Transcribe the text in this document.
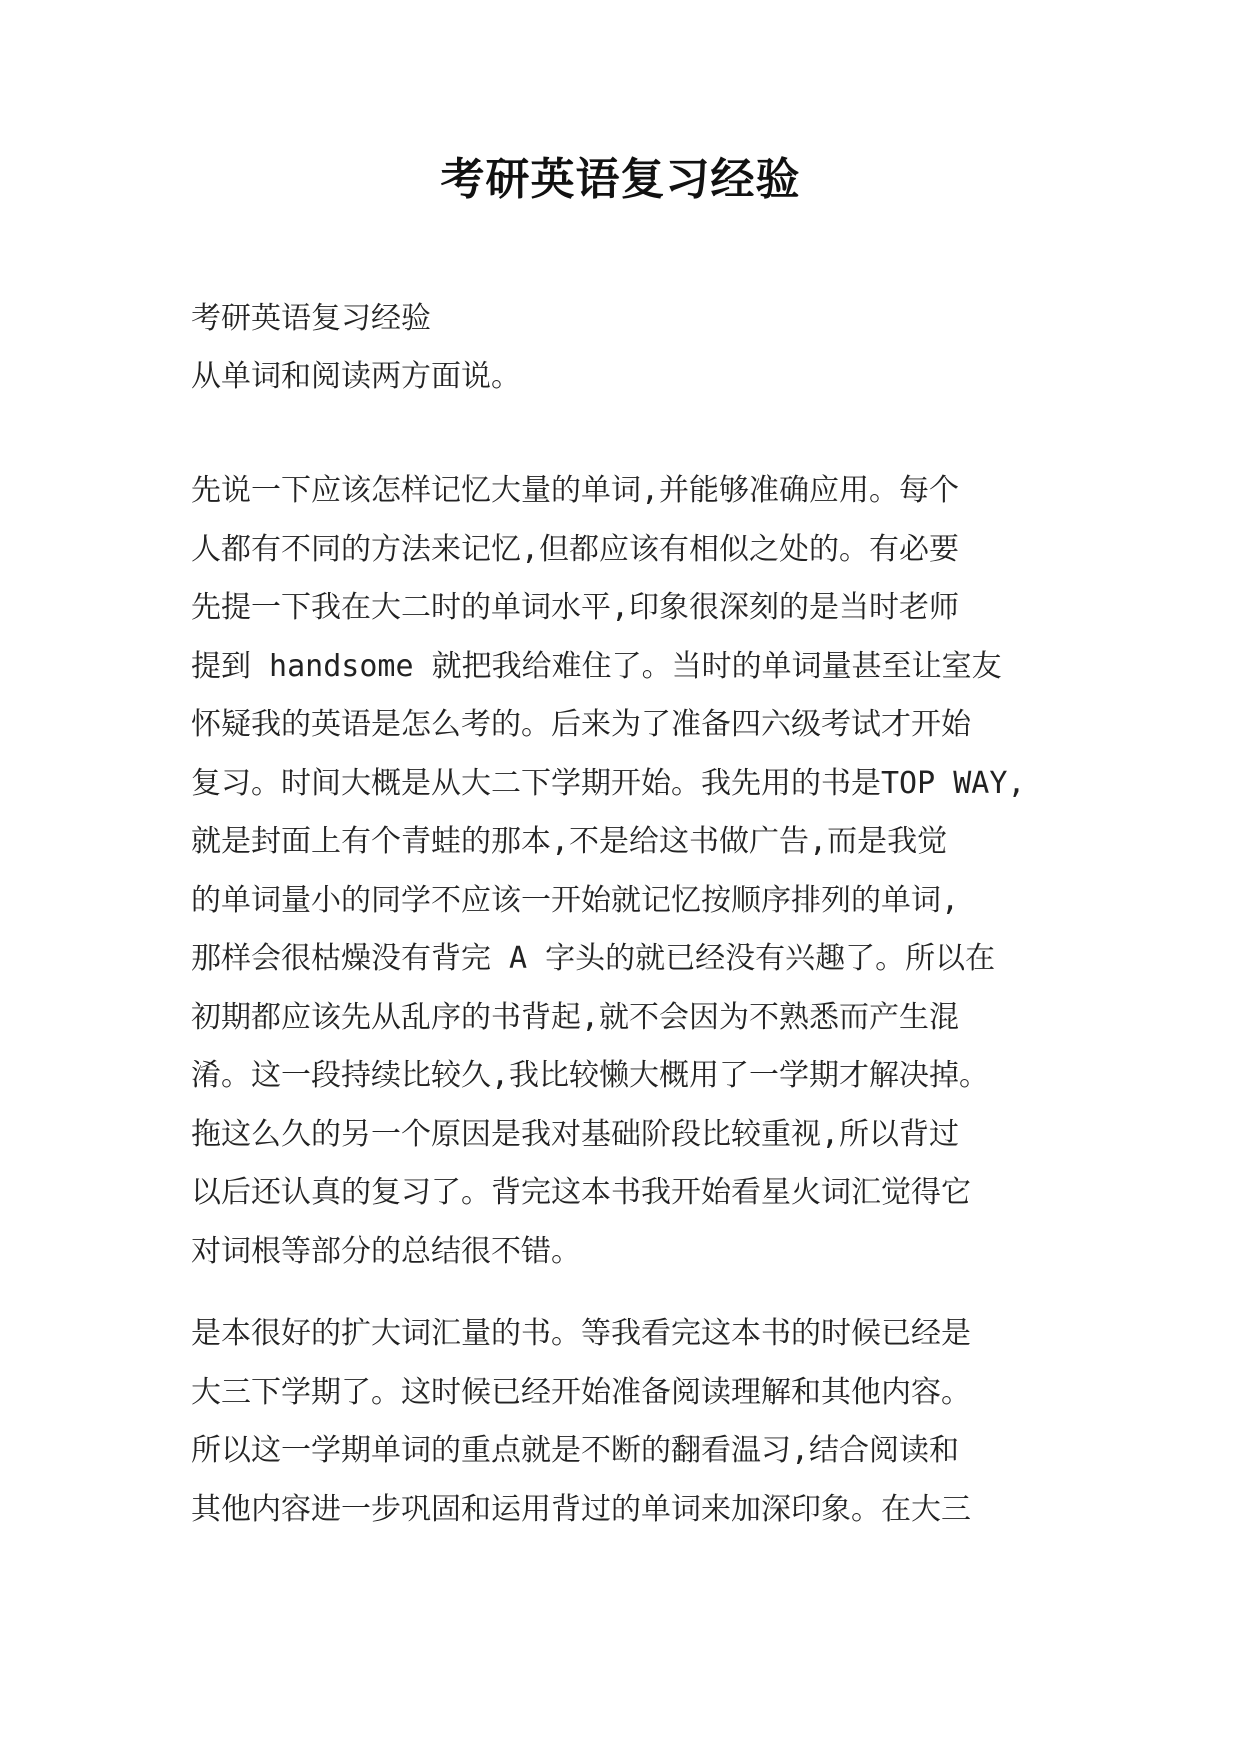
考研英语复习经验
考研英语复习经验
从单词和阅读两方面说。
先说一下应该怎样记忆大量的单词,并能够准确应用。每个
人都有不同的方法来记忆,但都应该有相似之处的。有必要
先提一下我在大二时的单词水平,印象很深刻的是当时老师
提到 handsome 就把我给难住了。当时的单词量甚至让室友
怀疑我的英语是怎么考的。后来为了准备四六级考试才开始
复习。时间大概是从大二下学期开始。我先用的书是TOP WAY,
就是封面上有个青蛙的那本,不是给这书做广告,而是我觉
的单词量小的同学不应该一开始就记忆按顺序排列的单词,
那样会很枯燥没有背完 A 字头的就已经没有兴趣了。所以在
初期都应该先从乱序的书背起,就不会因为不熟悉而产生混
淆。这一段持续比较久,我比较懒大概用了一学期才解决掉。
拖这么久的另一个原因是我对基础阶段比较重视,所以背过
以后还认真的复习了。背完这本书我开始看星火词汇觉得它
对词根等部分的总结很不错。
是本很好的扩大词汇量的书。等我看完这本书的时候已经是
大三下学期了。这时候已经开始准备阅读理解和其他内容。
所以这一学期单词的重点就是不断的翻看温习,结合阅读和
其他内容进一步巩固和运用背过的单词来加深印象。在大三
